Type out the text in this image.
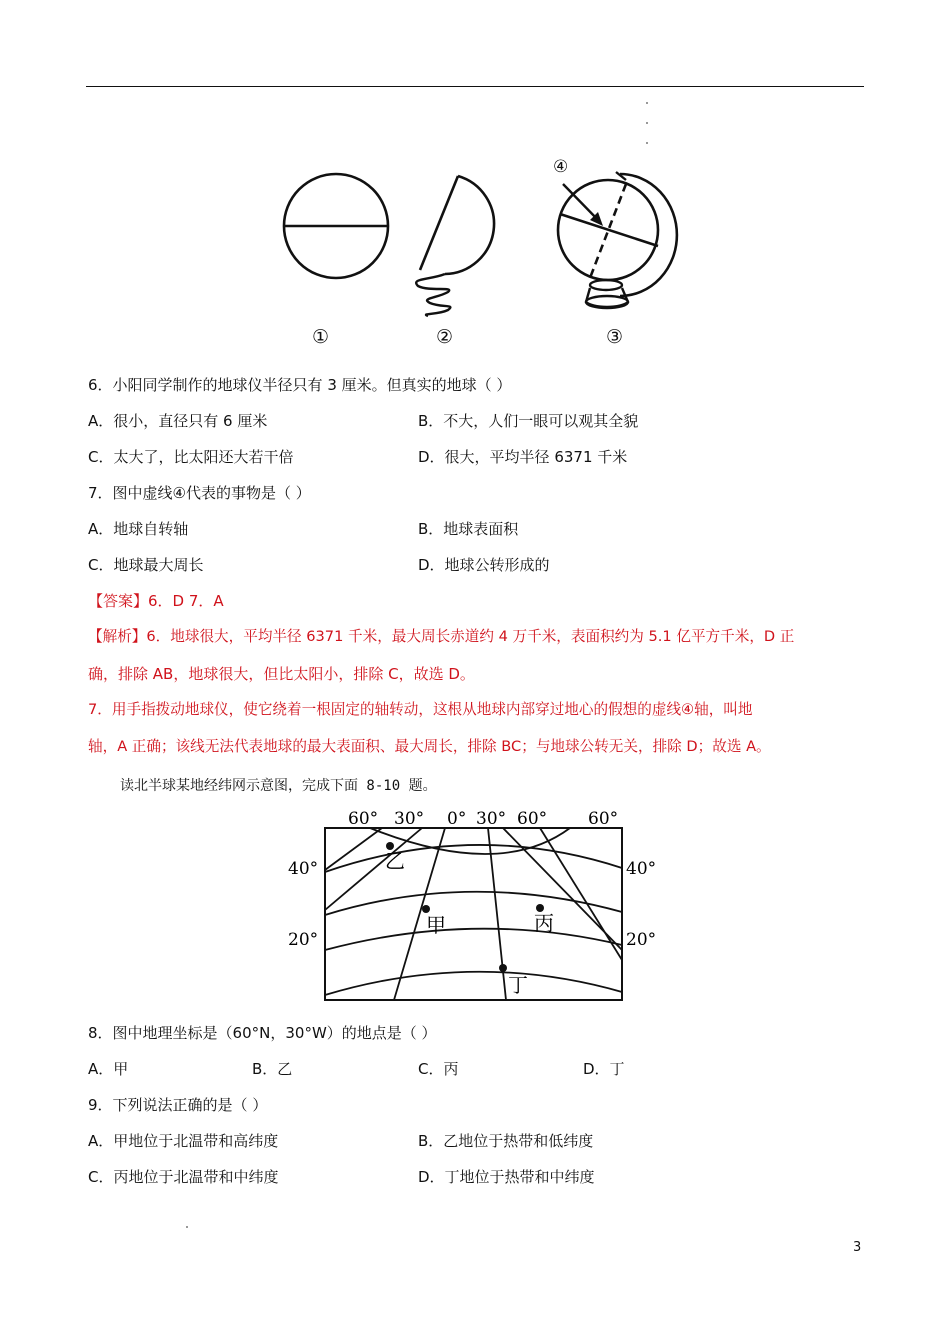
①	②	③
④
6．小阳同学制作的地球仪半径只有 3 厘米。但真实的地球（ ）
A．很小，直径只有 6 厘米	B．不大，人们一眼可以观其全貌
C．太大了，比太阳还大若干倍	D．很大，平均半径 6371 千米
7．图中虚线④代表的事物是（ ）
A．地球自转轴	B．地球表面积
C．地球最大周长	D．地球公转形成的
【答案】6．D 7．A
【解析】6．地球很大，平均半径 6371 千米，最大周长赤道约 4 万千米，表面积约为 5.1 亿平方千米，D 正
确，排除 AB，地球很大，但比太阳小，排除 C，故选 D。
7．用手指拨动地球仪，使它绕着一根固定的轴转动，这根从地球内部穿过地心的假想的虚线④轴，叫地
轴，A 正确；该线无法代表地球的最大表面积、最大周长，排除 BC；与地球公转无关，排除 D；故选 A。
读北半球某地经纬网示意图，完成下面 8-10 题。
60° 30° 0° 30° 60° 60°
40°
20°
40°
20°
乙
甲	丙
丁
8．图中地理坐标是（60°N，30°W）的地点是（ ）
A．甲	B．乙	C．丙	D．丁
9．下列说法正确的是（ ）
A．甲地位于北温带和高纬度	B．乙地位于热带和低纬度
C．丙地位于北温带和中纬度	D．丁地位于热带和中纬度
3
